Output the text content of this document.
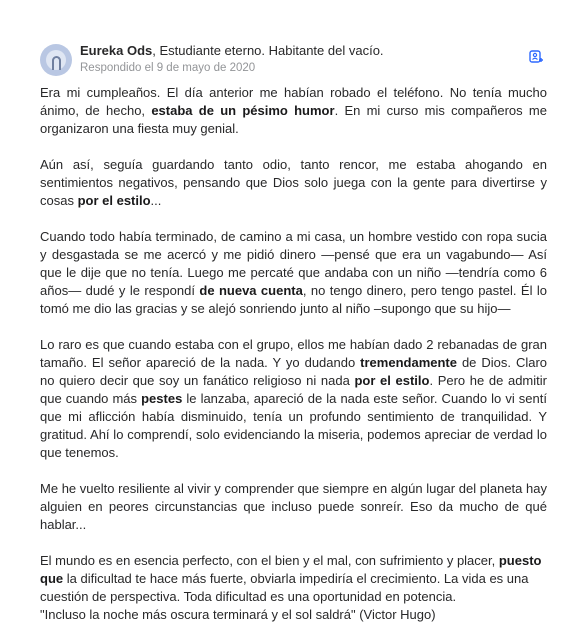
Eureka Ods, Estudiante eterno. Habitante del vacío.
Respondido el 9 de mayo de 2020

Era mi cumpleaños. El día anterior me habían robado el teléfono. No tenía mucho ánimo, de hecho, estaba de un pésimo humor. En mi curso mis compañeros me organizaron una fiesta muy genial.

Aún así, seguía guardando tanto odio, tanto rencor, me estaba ahogando en sentimientos negativos, pensando que Dios solo juega con la gente para divertirse y cosas por el estilo...

Cuando todo había terminado, de camino a mi casa, un hombre vestido con ropa sucia y desgastada se me acercó y me pidió dinero —pensé que era un vagabundo— Así que le dije que no tenía. Luego me percaté que andaba con un niño —tendría como 6 años— dudé y le respondí de nueva cuenta, no tengo dinero, pero tengo pastel. Él lo tomó me dio las gracias y se alejó sonriendo junto al niño –supongo que su hijo—

Lo raro es que cuando estaba con el grupo, ellos me habían dado 2 rebanadas de gran tamaño. El señor apareció de la nada. Y yo dudando tremendamente de Dios. Claro no quiero decir que soy un fanático religioso ni nada por el estilo. Pero he de admitir que cuando más pestes le lanzaba, apareció de la nada este señor. Cuando lo vi sentí que mi aflicción había disminuido, tenía un profundo sentimiento de tranquilidad. Y gratitud. Ahí lo comprendí, solo evidenciando la miseria, podemos apreciar de verdad lo que tenemos.

Me he vuelto resiliente al vivir y comprender que siempre en algún lugar del planeta hay alguien en peores circunstancias que incluso puede sonreír. Eso da mucho de qué hablar...

El mundo es en esencia perfecto, con el bien y el mal, con sufrimiento y placer, puesto que la dificultad te hace más fuerte, obviarla impediría el crecimiento. La vida es una cuestión de perspectiva. Toda dificultad es una oportunidad en potencia.
"Incluso la noche más oscura terminará y el sol saldrá" (Victor Hugo)
